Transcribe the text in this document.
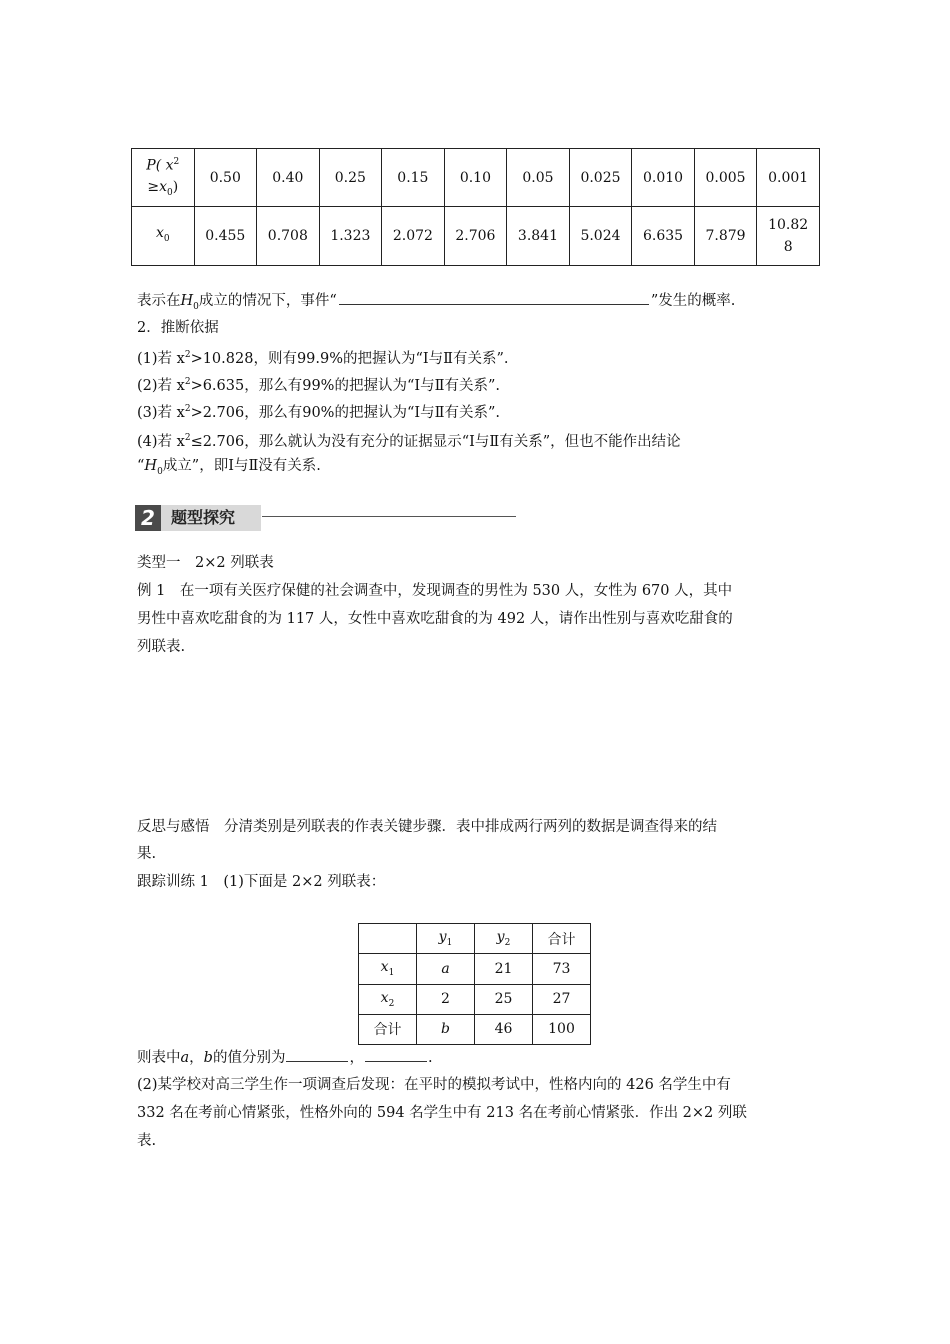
P( $x^2$
$\ge x_0$)	0.50	0.40	0.25	0.15	0.10	0.05	0.025	0.010	0.005	0.001
$x_0$	0.455	0.708	1.323	2.072	2.706	3.841	5.024	6.635	7.879	10.82
8
表示在$H_0$成立的情况下，事件“	”发生的概率.
2．推断依据
(1)若 $x^2>10.828$，则有99.9%的把握认为“Ⅰ与Ⅱ有关系”.
(2)若 $x^2>6.635$，那么有99%的把握认为“Ⅰ与Ⅱ有关系”.
(3)若 $x^2>2.706$，那么有90%的把握认为“Ⅰ与Ⅱ有关系”.
(4)若 $x^2\le 2.706$，那么就认为没有充分的证据显示“Ⅰ与Ⅱ有关系”，但也不能作出结论
“$H_0$成立”，即Ⅰ与Ⅱ没有关系.
2	题型探究
类型一　2×2 列联表
例 1　在一项有关医疗保健的社会调查中，发现调查的男性为 530 人，女性为 670 人，其中
男性中喜欢吃甜食的为 117 人，女性中喜欢吃甜食的为 492 人，请作出性别与喜欢吃甜食的
列联表.
反思与感悟　分清类别是列联表的作表关键步骤．表中排成两行两列的数据是调查得来的结
果.
跟踪训练 1　(1)下面是 2×2 列联表：
	$y_1$	$y_2$	合计
$x_1$	a	21	73
$x_2$	2	25	27
合计	b	46	100
则表中a，b的值分别为	，	.
(2)某学校对高三学生作一项调查后发现：在平时的模拟考试中，性格内向的 426 名学生中有
332 名在考前心情紧张，性格外向的 594 名学生中有 213 名在考前心情紧张．作出 2×2 列联
表.
